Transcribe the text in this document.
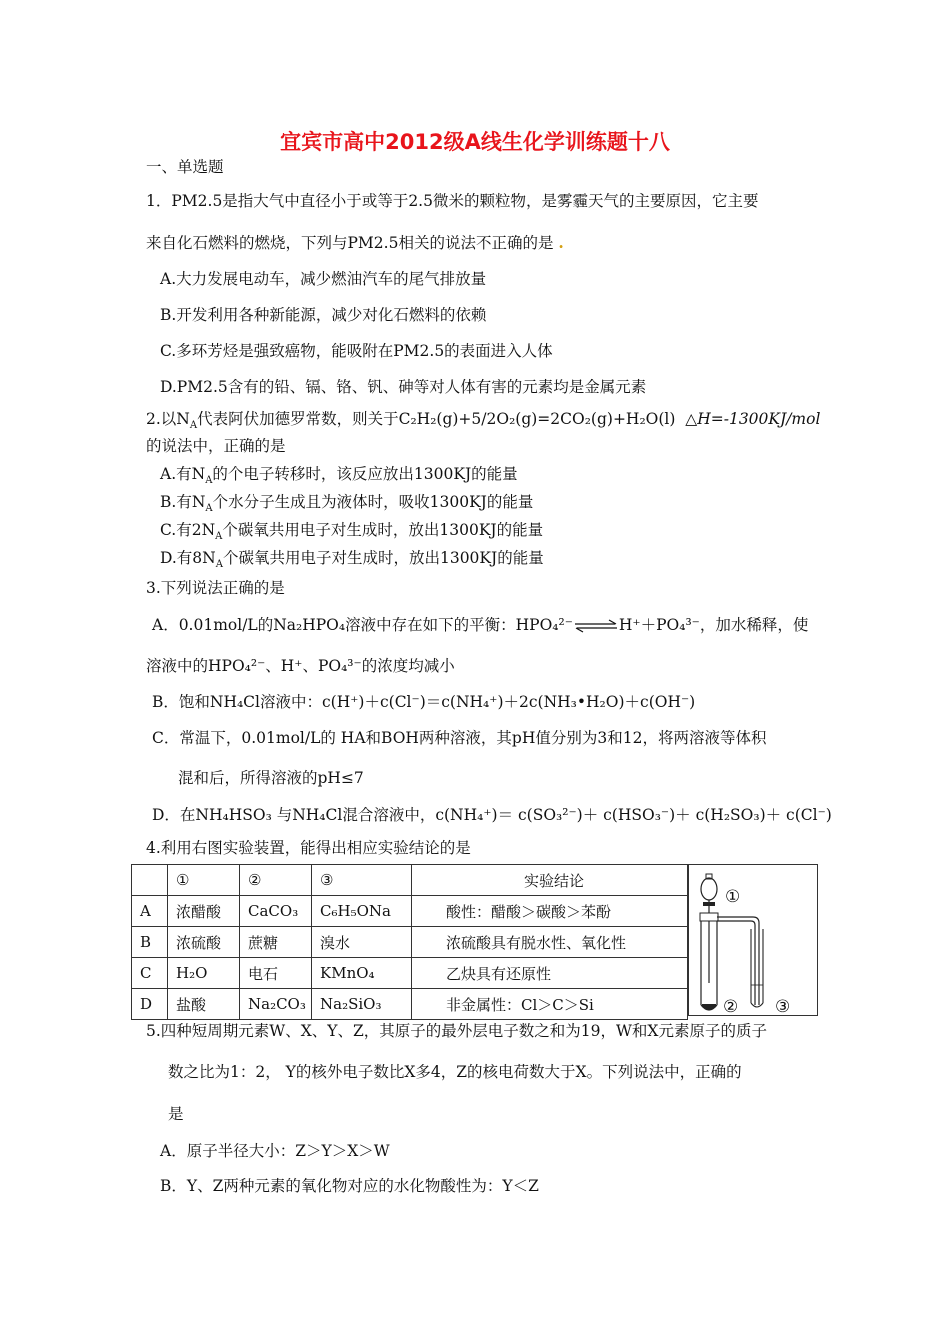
宜宾市高中2012级A线生化学训练题十八
一、单选题
1．PM2.5是指大气中直径小于或等于2.5微米的颗粒物，是雾霾天气的主要原因，它主要
来自化石燃料的燃烧，下列与PM2.5相关的说法不正确的是 .
A.大力发展电动车，减少燃油汽车的尾气排放量
B.开发利用各种新能源，减少对化石燃料的依赖
C.多环芳烃是强致癌物，能吸附在PM2.5的表面进入人体
D.PM2.5含有的铅、镉、铬、钒、砷等对人体有害的元素均是金属元素
2.以$N_A$代表阿伏加德罗常数，则关于C₂H₂(g)+5/2O₂(g)=2CO₂(g)+H₂O(l) △H=-1300KJ/mol
的说法中，正确的是
A.有$N_A$的个电子转移时，该反应放出1300KJ的能量
B.有$N_A$个水分子生成且为液体时，吸收1300KJ的能量
C.有$2N_A$个碳氧共用电子对生成时，放出1300KJ的能量
D.有$8N_A$个碳氧共用电子对生成时，放出1300KJ的能量
3.下列说法正确的是
A．0.01mol/L的Na₂HPO₄溶液中存在如下的平衡：HPO₄²⁻⇌H⁺＋PO₄³⁻，加水稀释，使
溶液中的HPO₄²⁻、H⁺、PO₄³⁻的浓度均减小
B．饱和NH₄Cl溶液中：c(H⁺)＋c(Cl⁻)＝c(NH₄⁺)＋2c(NH₃•H₂O)＋c(OH⁻)
C．常温下，0.01mol/L的 HA和BOH两种溶液，其pH值分别为3和12，将两溶液等体积
混和后，所得溶液的pH≤7
D．在NH₄HSO₃ 与NH₄Cl混合溶液中，c(NH₄⁺)＝ c(SO₃²⁻)＋ c(HSO₃⁻)＋ c(H₂SO₃)＋ c(Cl⁻)
4.利用右图实验装置，能得出相应实验结论的是
	①	②	③	实验结论
A	浓醋酸	CaCO₃	C₆H₅ONa	酸性：醋酸＞碳酸＞苯酚
B	浓硫酸	蔗糖	溴水	浓硫酸具有脱水性、氧化性
C	H₂O	电石	KMnO₄	乙炔具有还原性
D	盐酸	Na₂CO₃	Na₂SiO₃	非金属性：Cl＞C＞Si
①
② ③
5.四种短周期元素W、X、Y、Z，其原子的最外层电子数之和为19，W和X元素原子的质子
数之比为1：2， Y的核外电子数比X多4，Z的核电荷数大于X。下列说法中，正确的
是
A．原子半径大小：Z＞Y＞X＞W
B．Y、Z两种元素的氧化物对应的水化物酸性为：Y＜Z
